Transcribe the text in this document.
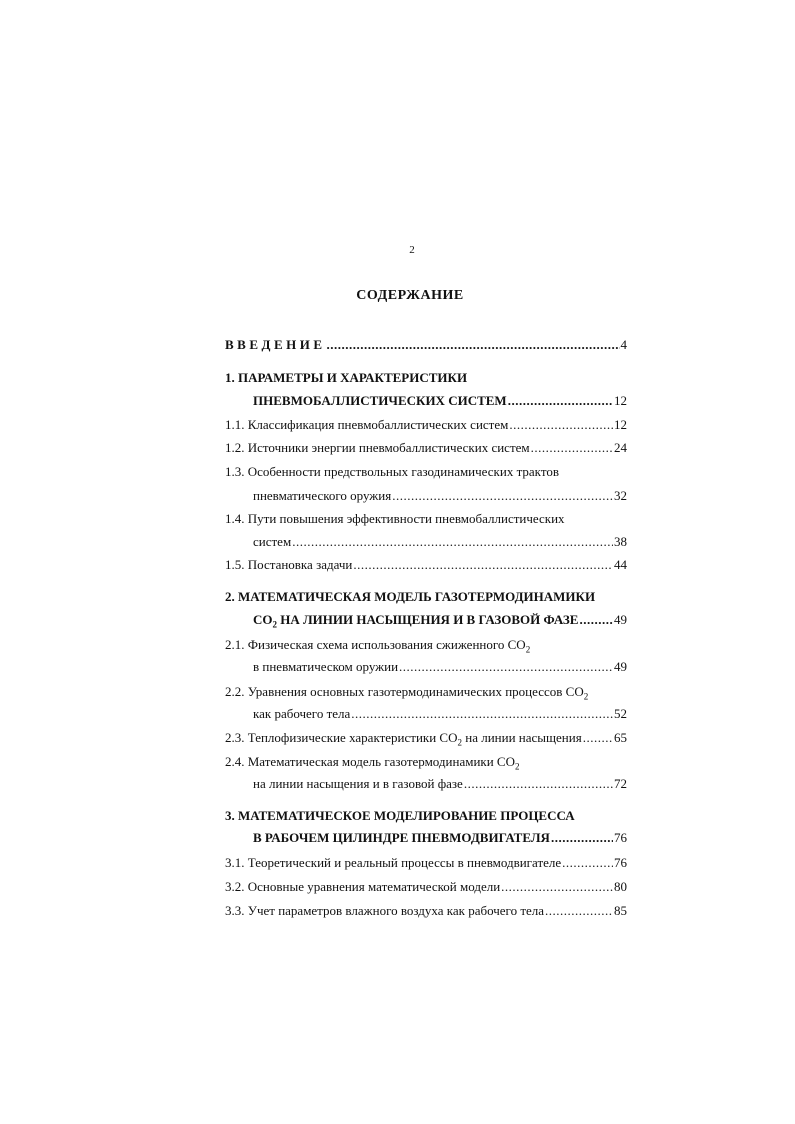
2
СОДЕРЖАНИЕ
ВВЕДЕНИЕ .....	4
1. ПАРАМЕТРЫ И ХАРАКТЕРИСТИКИ
ПНЕВМОБАЛЛИСТИЧЕСКИХ СИСТЕМ .....	12
1.1. Классификация пневмобаллистических систем .....	12
1.2. Источники энергии пневмобаллистических систем .....	24
1.3. Особенности предствольных газодинамических трактов
пневматического оружия .....	32
1.4. Пути повышения эффективности пневмобаллистических
систем .....	38
1.5. Постановка задачи .....	44
2. МАТЕМАТИЧЕСКАЯ МОДЕЛЬ ГАЗОТЕРМОДИНАМИКИ
$СО_2$ НА ЛИНИИ НАСЫЩЕНИЯ И В ГАЗОВОЙ ФАЗЕ .....	49
2.1. Физическая схема использования сжиженного $СО_2$
в пневматическом оружии .....	49
2.2. Уравнения основных газотермодинамических процессов $СО_2$
как рабочего тела .....	52
2.3. Теплофизические характеристики $СО_2$ на линии насыщения ..... 65
2.4. Математическая модель газотермодинамики $СО_2$
на линии насыщения и в газовой фазе .....	72
3. МАТЕМАТИЧЕСКОЕ МОДЕЛИРОВАНИЕ ПРОЦЕССА
В РАБОЧЕМ ЦИЛИНДРЕ ПНЕВМОДВИГАТЕЛЯ .....	76
3.1. Теоретический и реальный процессы в пневмодвигателе .....	76
3.2. Основные уравнения математической модели .....	80
3.3. Учет параметров влажного воздуха как рабочего тела .....	85
